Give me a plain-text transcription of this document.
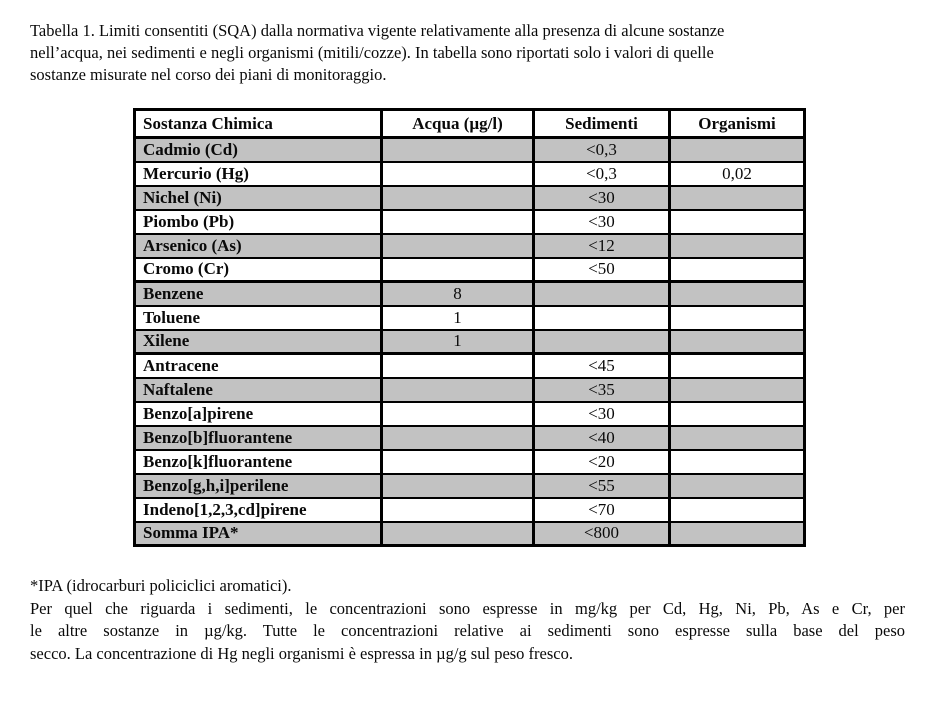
Tabella 1. Limiti consentiti (SQA) dalla normativa vigente relativamente alla presenza di alcune sostanze
nell’acqua, nei sedimenti e negli organismi (mitili/cozze). In tabella sono riportati solo i valori di quelle
sostanze misurate nel corso dei piani di monitoraggio.
Sostanza Chimica	Acqua (µg/l)	Sedimenti	Organismi
Cadmio (Cd)		<0,3	
Mercurio (Hg)		<0,3	0,02
Nichel (Ni)		<30	
Piombo (Pb)		<30	
Arsenico (As)		<12	
Cromo (Cr)		<50	
Benzene	8		
Toluene	1		
Xilene	1		
Antracene		<45	
Naftalene		<35	
Benzo[a]pirene		<30	
Benzo[b]fluorantene		<40	
Benzo[k]fluorantene		<20	
Benzo[g,h,i]perilene		<55	
Indeno[1,2,3,cd]pirene		<70	
Somma IPA*		<800	
*IPA (idrocarburi policiclici aromatici).
Per quel che riguarda i sedimenti, le concentrazioni sono espresse in mg/kg per Cd, Hg, Ni, Pb, As e Cr, per
le altre sostanze in µg/kg. Tutte le concentrazioni relative ai sedimenti sono espresse sulla base del peso
secco. La concentrazione di Hg negli organismi è espressa in µg/g sul peso fresco.
